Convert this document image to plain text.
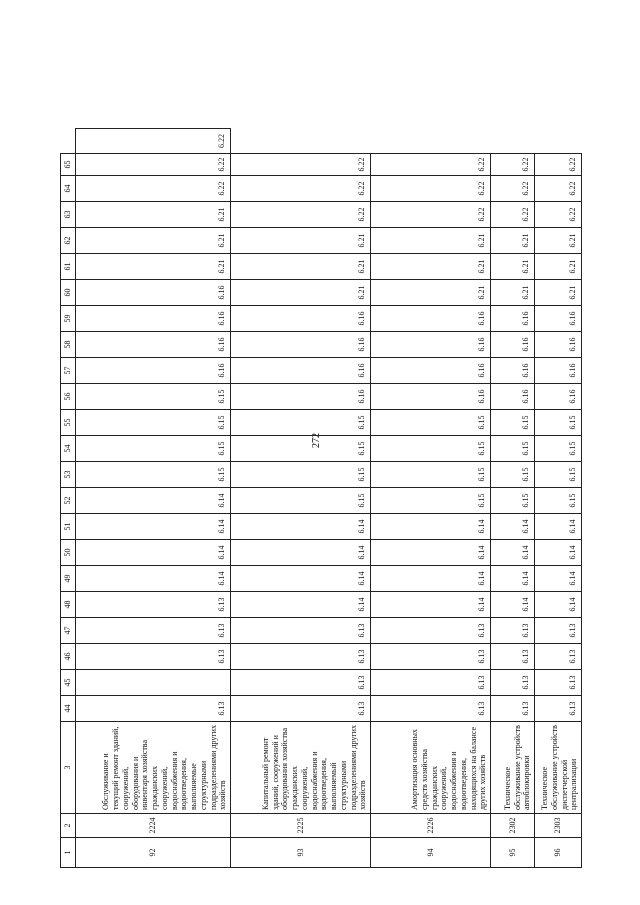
272
1	2	3	44	45	46	47	48	49	50	51	52	53	54	55	56	57	58	59	60	61	62	63	64	65	
92	2224	Обслуживание и текущий ремонт зданий, сооружений, оборудования и инвентаря хозяйства гражданских сооружений, водоснабжения и водоотведения, выполняемые структурными подразделениями других хозяйств	6.13		6.13	6.13	6.13	6.14	6.14	6.14	6.14	6.15	6.15	6.15	6.15	6.16	6.16	6.16	6.16	6.21	6.21	6.21	6.22	6.22	6.22
93	2225	Капитальный ремонт зданий, сооружений и оборудования хозяйства гражданских сооружений, водоснабжения и водоотведения, выполняемый структурными подразделениями других хозяйств	6.13	6.13	6.13	6.13	6.14	6.14	6.14	6.14	6.15	6.15	6.15	6.15	6.16	6.16	6.16	6.16	6.21	6.21	6.21	6.22	6.22	6.22	
94	2226	Амортизация основных средств хозяйства гражданских сооружений, водоснабжения и водоотведения, находящихся на балансе других хозяйств	6.13	6.13	6.13	6.13	6.14	6.14	6.14	6.14	6.15	6.15	6.15	6.15	6.16	6.16	6.16	6.16	6.21	6.21	6.21	6.22	6.22	6.22	
95	2302	Техническое обслуживание устройств автоблокировки	6.13	6.13	6.13	6.13	6.14	6.14	6.14	6.14	6.15	6.15	6.15	6.15	6.16	6.16	6.16	6.16	6.21	6.21	6.21	6.22	6.22	6.22	
96	2303	Техническое обслуживание устройств диспетчерской централизации	6.13	6.13	6.13	6.13	6.14	6.14	6.14	6.14	6.15	6.15	6.15	6.15	6.16	6.16	6.16	6.16	6.21	6.21	6.21	6.22	6.22	6.22	
